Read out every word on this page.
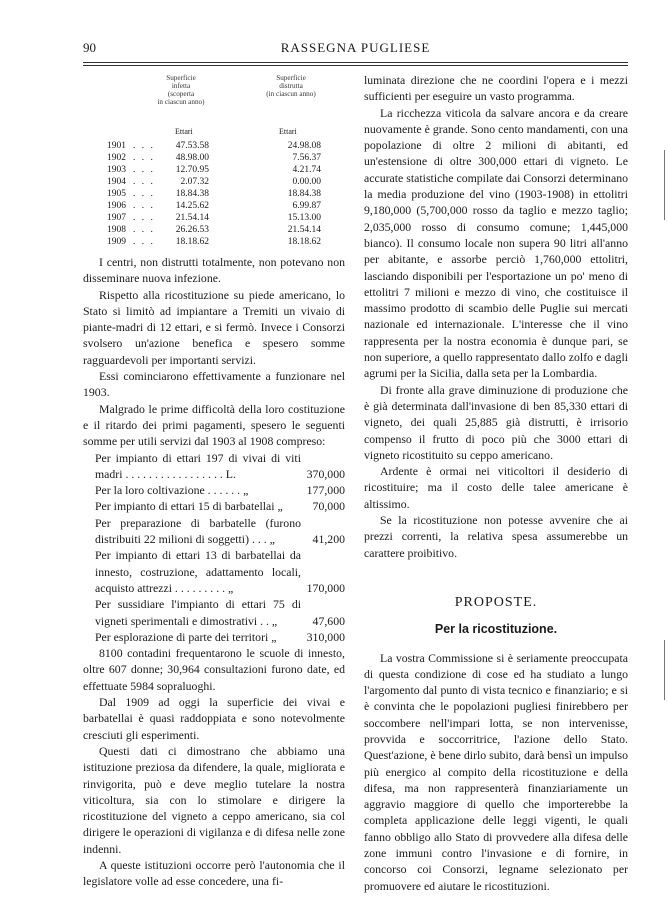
90	RASSEGNA PUGLIESE
Superficie
infetta
(scoperta
in ciascun anno)
Superficie
distrutta
(in ciascun anno)
Ettari	Ettari
1901 . . . 47.53.58	24.98.08
1902 . . . 48.98.00	7.56.37
1903 . . . 12.70.95	4.21.74
1904 . . .	2.07.32	0.00.00
1905 . . . 18.84.38	18.84.38
1906 . . . 14.25.62	6.99.87
1907 . . . 21.54.14	15.13.00
1908 . . . 26.26.53	21.54.14
1909 . . . 18.18.62	18.18.62

I centri, non distrutti totalmente, non potevano non disseminare nuova infezione.

Rispetto alla ricostituzione su piede americano, lo Stato si limitò ad impiantare a Tremiti un vivaio di piante-madri di 12 ettari, e si fermò. Invece i Consorzi svolsero un'azione benefica e spesero somme ragguardevoli per importanti servizi.

Essi cominciarono effettivamente a funzionare nel 1903.

Malgrado le prime difficoltà della loro costituzione e il ritardo dei primi pagamenti, spesero le seguenti somme per utili servizi dal 1903 al 1908 compreso:

Per impianto di ettari 197 di vivai di viti madri . . . . . . . . . . . . . . . . . L.	370,000

Per la loro coltivazione . . . . . . „	177,000

Per impianto di ettari 15 di barbatellai „	70,000

Per preparazione di barbatelle (furono distribuiti 22 milioni di soggetti) . . . „	41,200

Per impianto di ettari 13 di barbatellai da innesto, costruzione, adattamento locali, acquisto attrezzi . . . . . . . . . „	170,000

Per sussidiare l'impianto di ettari 75 di vigneti sperimentali e dimostrativi . . „	47,600

Per esplorazione di parte dei territori „	310,000

8100 contadini frequentarono le scuole di innesto, oltre 607 donne; 30,964 consultazioni furono date, ed effettuate 5984 sopraluoghi.

Dal 1909 ad oggi la superficie dei vivai e barbatellai è quasi raddoppiata e sono notevolmente cresciuti gli esperimenti.

Questi dati ci dimostrano che abbiamo una istituzione preziosa da difendere, la quale, migliorata e rinvigorita, può e deve meglio tutelare la nostra viticoltura, sia con lo stimolare e dirigere la ricostituzione del vigneto a ceppo americano, sia col dirigere le operazioni di vigilanza e di difesa nelle zone indenni.

A queste istituzioni occorre però l'autonomia che il legislatore volle ad esse concedere, una fi-

luminata direzione che ne coordini l'opera e i mezzi sufficienti per eseguire un vasto programma.

La ricchezza viticola da salvare ancora e da creare nuovamente è grande. Sono cento mandamenti, con una popolazione di oltre 2 milioni di abitanti, ed un'estensione di oltre 300,000 ettari di vigneto. Le accurate statistiche compilate dai Consorzi determinano la media produzione del vino (1903-1908) in ettolitri 9,180,000 (5,700,000 rosso da taglio e mezzo taglio; 2,035,000 rosso di consumo comune; 1,445,000 bianco). Il consumo locale non supera 90 litri all'anno per abitante, e assorbe perciò 1,760,000 ettolitri, lasciando disponibili per l'esportazione un po' meno di ettolitri 7 milioni e mezzo di vino, che costituisce il massimo prodotto di scambio delle Puglie sui mercati nazionale ed internazionale. L'interesse che il vino rappresenta per la nostra economia è dunque pari, se non superiore, a quello rappresentato dallo zolfo e dagli agrumi per la Sicilia, dalla seta per la Lombardia.

Di fronte alla grave diminuzione di produzione che è già determinata dall'invasione di ben 85,330 ettari di vigneto, dei quali 25,885 già distrutti, è irrisorio compenso il frutto di poco più che 3000 ettari di vigneto ricostituito su ceppo americano.

Ardente è ormai nei viticoltori il desiderio di ricostituire; ma il costo delle talee americane è altissimo.

Se la ricostituzione non potesse avvenire che ai prezzi correnti, la relativa spesa assumerebbe un carattere proibitivo.

PROPOSTE.
Per la ricostituzione.

La vostra Commissione si è seriamente preoccupata di questa condizione di cose ed ha studiato a lungo l'argomento dal punto di vista tecnico e finanziario; e si è convinta che le popolazioni pugliesi finirebbero per soccombere nell'impari lotta, se non intervenisse, provvida e soccorritrice, l'azione dello Stato. Quest'azione, è bene dirlo subito, darà bensì un impulso più energico al compito della ricostituzione e della difesa, ma non rappresenterà finanziariamente un aggravio maggiore di quello che importerebbe la completa applicazione delle leggi vigenti, le quali fanno obbligo allo Stato di provvedere alla difesa delle zone immuni contro l'invasione e di fornire, in concorso coi Consorzi, legname selezionato per promuovere ed aiutare le ricostituzioni.
